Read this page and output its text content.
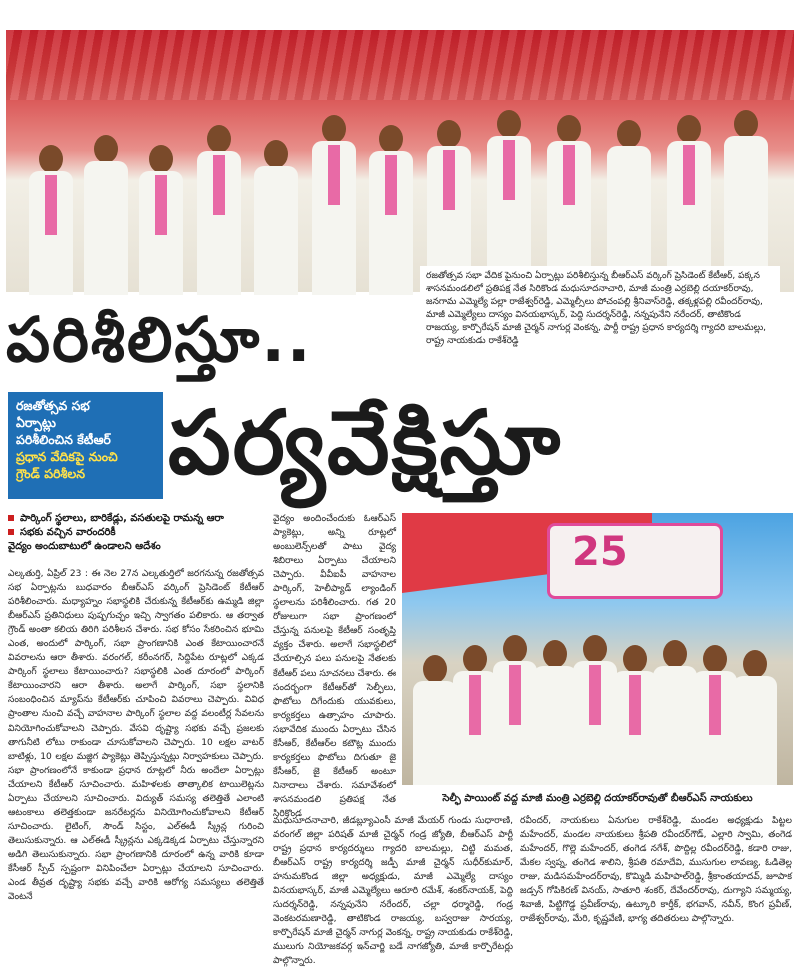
రజతోత్సవ సభా వేదిక పైనుంచి ఏర్పాట్లు పరిశీలిస్తున్న బీఆర్ఎస్ వర్కింగ్ ప్రెసిడెంట్ కేటీఆర్, పక్కన శాసనమండలిలో ప్రతిపక్ష నేత సిరికొండ మధుసూదనాచారి, మాజీ మంత్రి ఎర్రబెల్లి దయాకర్‌రావు, జనగామ ఎమ్మెల్యే పల్లా రాజేశ్వర్‌రెడ్డి, ఎమ్మెల్సీలు పోచంపల్లి శ్రీనివాస్‌రెడ్డి, తక్కళ్లపల్లి రవీందర్‌రావు, మాజీ ఎమ్మెల్యేలు దాస్యం వినయభాస్కర్, పెద్ది సుదర్శన్‌రెడ్డి, నన్నపునేని నరేందర్, తాటికొండ రాజయ్య, కార్పొరేషన్ మాజీ చైర్మన్ నాగుర్ల వెంకన్న, పార్టీ రాష్ట్ర ప్రధాన కార్యదర్శి గ్యాదరి బాలమల్లు, రాష్ట్ర నాయకుడు రాకేశ్‌రెడ్డి
పరిశీలిస్తూ..
పర్యవేక్షిస్తూ
రజతోత్సవ సభ
ఏర్పాట్లు
పరిశీలించిన కేటీఆర్
ప్రధాన వేదికపై నుంచి
గ్రౌండ్ పరిశీలన
పార్కింగ్ స్థలాలు, బారికేడ్లు, వసతులపై రామన్న ఆరా
సభకు వచ్చిన వారందరికీ
వైద్యం అందుబాటులో ఉండాలని ఆదేశం
ఎల్కతుర్తి, ఏప్రిల్ 23 : ఈ నెల 27న ఎల్కతుర్తిలో జరగనున్న రజతోత్సవ సభ ఏర్పాట్లను బుధవారం బీఆర్ఎస్ వర్కింగ్ ప్రెసిడెంట్ కేటీఆర్ పరిశీలించారు. మధ్యాహ్నం సభాస్థలికి చేరుకున్న కేటీఆర్‌కు ఉమ్మడి జిల్లా బీఆర్ఎస్ ప్రతినిధులు పుష్పగుచ్ఛం ఇచ్చి స్వాగతం పలికారు. ఆ తర్వాత గ్రౌండ్ అంతా కలియ తిరిగి పరిశీలన చేశారు. సభ కోసం సేకరించిన భూమి ఎంత, అందులో పార్కింగ్, సభా ప్రాంగణానికి ఎంత కేటాయించారనే వివరాలను ఆరా తీశారు. వరంగల్, కరీంనగర్, సిద్దిపేట రూట్లలో ఎక్కడ పార్కింగ్ స్థలాలు కేటాయించారు? సభాస్థలికి ఎంత దూరంలో పార్కింగ్ కేటాయించారని ఆరా తీశారు. అలాగే పార్కింగ్, సభా స్థలానికి సంబంధించిన మ్యాప్‌ను కేటీఆర్‌కు చూపించి వివరాలు చెప్పారు. వివిధ ప్రాంతాల నుంచి వచ్చే వాహనాల పార్కింగ్ స్థలాల వద్ద వలంటీర్ల సేవలను వినియోగించుకోవాలని చెప్పారు. వేసవి దృష్ట్యా సభకు వచ్చే ప్రజలకు తాగునీటి లోటు రాకుండా చూసుకోవాలని చెప్పారు. 10 లక్షల వాటర్ బాటిళ్లు, 10 లక్షల మజ్జిగ ప్యాకెట్లు తెప్పిస్తున్నట్లు నిర్వాహకులు చెప్పారు. సభా ప్రాంగణంలోనే కాకుండా ప్రధాన రూట్లలో నీరు అందేలా ఏర్పాట్లు చేయాలని కేటీఆర్ సూచించారు. మహిళలకు తాత్కాలిక టాయిలెట్లను ఏర్పాటు చేయాలని సూచించారు. విద్యుత్ సమస్య తలెత్తితే ఎలాంటి ఆటంకాలు తలెత్తకుండా జనరేటర్లను వినియోగించుకోవాలని కేటీఆర్ సూచించారు. లైటింగ్, సౌండ్ సిస్టం, ఎల్‌ఈడీ స్క్రీన్ల గురించి తెలుసుకున్నారు. ఆ ఎల్‌ఈడీ స్క్రీన్లను ఎక్కడెక్కడ ఏర్పాటు చేస్తున్నారని అడిగి తెలుసుకున్నారు. సభా ప్రాంగణానికి దూరంలో ఉన్న వారికి కూడా కేసీఆర్ స్పీచ్ స్పష్టంగా వినిపించేలా ఏర్పాట్లు చేయాలని సూచించారు. ఎండ తీవ్రత దృష్ట్యా సభకు వచ్చే వారికి ఆరోగ్య సమస్యలు తలెత్తితే వెంటనే
వైద్యం అందించేందుకు ఓఆర్ఎస్ ప్యాకెట్లు, అన్ని రూట్లలో అంబులెన్స్‌లతో పాటు వైద్య శిబిరాలు ఏర్పాటు చేయాలని చెప్పారు. వీవీఐపీ వాహనాల పార్కింగ్, హెలీప్యాడ్ ల్యాండింగ్ స్థలాలను పరిశీలించారు. గత 20 రోజులుగా సభా ప్రాంగణంలో చేస్తున్న పనులపై కేటీఆర్ సంతృప్తి వ్యక్తం చేశారు. అలాగే సభాస్థలిలో చేయాల్సిన పలు పనులపై నేతలకు కేటీఆర్ పలు సూచనలు చేశారు. ఈ సందర్భంగా కేటీఆర్‌తో సెల్ఫీలు, ఫొటోలు దిగేందుకు యువకులు, కార్యకర్తలు ఉత్సాహం చూపారు. సభావేదిక ముందు ఏర్పాటు చేసిన కేసీఆర్, కేటీఆర్‌ల కటౌట్ల ముందు కార్యకర్తలు ఫొటోలు దిగుతూ జై కేసీఆర్, జై కేటీఆర్ అంటూ నినాదాలు చేశారు. సమావేశంలో శాసనమండలి ప్రతిపక్ష నేత సిరికొండ
మధుసూదనాచారి, జీడబ్ల్యూఎంసీ మాజీ మేయర్ గుండు సుధారాణి, వరంగల్ జిల్లా పరిషత్ మాజీ చైర్మన్ గండ్ర జ్యోతి, బీఆర్ఎస్ పార్టీ రాష్ట్ర ప్రధాన కార్యదర్శులు గ్యాదరి బాలమల్లు, చిట్టి మమత, బీఆర్ఎస్ రాష్ట్ర కార్యదర్శి జడ్పీ మాజీ చైర్మన్ సుధీర్‌కుమార్, హనుమకొండ జిల్లా అధ్యక్షుడు, మాజీ ఎమ్మెల్యే దాస్యం వినయభాస్కర్, మాజీ ఎమ్మెల్యేలు ఆరూరి రమేశ్, శంకర్‌నాయక్, పెద్ది సుదర్శన్‌రెడ్డి, నన్నపునేని నరేందర్, చల్లా ధర్మారెడ్డి, గండ్ర వెంకటరమణారెడ్డి, తాటికొండ రాజయ్య, బస్వరాజు సారయ్య, కార్పొరేషన్ మాజీ చైర్మన్ నాగుర్ల వెంకన్న, రాష్ట్ర నాయకుడు రాకేశ్‌రెడ్డి, ములుగు నియోజకవర్గ ఇన్‌చార్జి బడే నాగజ్యోతి, మాజీ కార్పొరేటర్లు పాల్గొన్నారు.
రవీందర్, నాయకులు ఏనుగుల రాకేశ్‌రెడ్డి, మండల అధ్యక్షుడు పిట్టల మహేందర్, మండల నాయకులు శ్రీపతి రవీందర్‌గౌడ్, ఎల్లారి స్వామి, తంగెడ మహేందర్, గొల్లె మహేందర్, తంగెడ నగేశ్, పొద్దిల్ల రవీందర్‌రెడ్డి, కడారి రాజు, మేకల స్వప్న, తంగెడ శాలిని, శ్రీపతి రమాదేవి, ముసుగుల లావణ్య, ఓడితెల్ల రాజు, మడిసమహేందర్‌రావు, కొమ్మిడి మహిపాల్‌రెడ్డి, శ్రీకాంతయాదవ్, జూపాక జడ్సన్ గోపికిరణ్ వినయ్, సాతూరి శంకర్, దేవేందర్‌రావు, దుగ్యాని సమ్మయ్య, శివాజీ, పిట్టిగొడ్డ ప్రవీణ్‌రావు, ఉట్కూరి కార్తీక్, భగవాన్, నవీన్, కొంగ ప్రవీణ్, రాజేశ్వర్‌రావు, మేరి, కృష్ణవేణి, భాగ్య తదితరులు పాల్గొన్నారు.
25

సెల్ఫీ పాయింట్ వద్ద మాజీ మంత్రి ఎర్రబెల్లి దయాకర్‌రావుతో బీఆర్ఎస్ నాయకులు
